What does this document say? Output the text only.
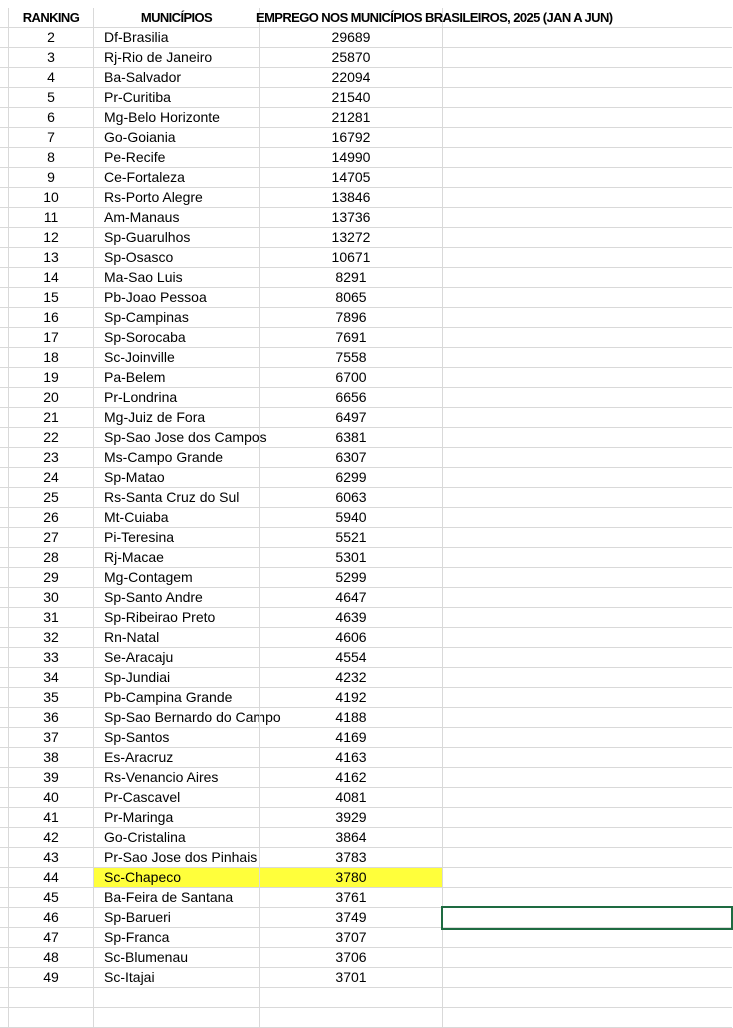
RANKING	MUNICÍPIOS	EMPREGO NOS MUNICÍPIOS BRASILEIROS, 2025 (JAN A JUN)
2	Df-Brasilia	29689
3	Rj-Rio de Janeiro	25870
4	Ba-Salvador	22094
5	Pr-Curitiba	21540
6	Mg-Belo Horizonte	21281
7	Go-Goiania	16792
8	Pe-Recife	14990
9	Ce-Fortaleza	14705
10	Rs-Porto Alegre	13846
11	Am-Manaus	13736
12	Sp-Guarulhos	13272
13	Sp-Osasco	10671
14	Ma-Sao Luis	8291
15	Pb-Joao Pessoa	8065
16	Sp-Campinas	7896
17	Sp-Sorocaba	7691
18	Sc-Joinville	7558
19	Pa-Belem	6700
20	Pr-Londrina	6656
21	Mg-Juiz de Fora	6497
22	Sp-Sao Jose dos Campos	6381
23	Ms-Campo Grande	6307
24	Sp-Matao	6299
25	Rs-Santa Cruz do Sul	6063
26	Mt-Cuiaba	5940
27	Pi-Teresina	5521
28	Rj-Macae	5301
29	Mg-Contagem	5299
30	Sp-Santo Andre	4647
31	Sp-Ribeirao Preto	4639
32	Rn-Natal	4606
33	Se-Aracaju	4554
34	Sp-Jundiai	4232
35	Pb-Campina Grande	4192
36	Sp-Sao Bernardo do Campo	4188
37	Sp-Santos	4169
38	Es-Aracruz	4163
39	Rs-Venancio Aires	4162
40	Pr-Cascavel	4081
41	Pr-Maringa	3929
42	Go-Cristalina	3864
43	Pr-Sao Jose dos Pinhais	3783
44	Sc-Chapeco	3780
45	Ba-Feira de Santana	3761
46	Sp-Barueri	3749
47	Sp-Franca	3707
48	Sc-Blumenau	3706
49	Sc-Itajai	3701
